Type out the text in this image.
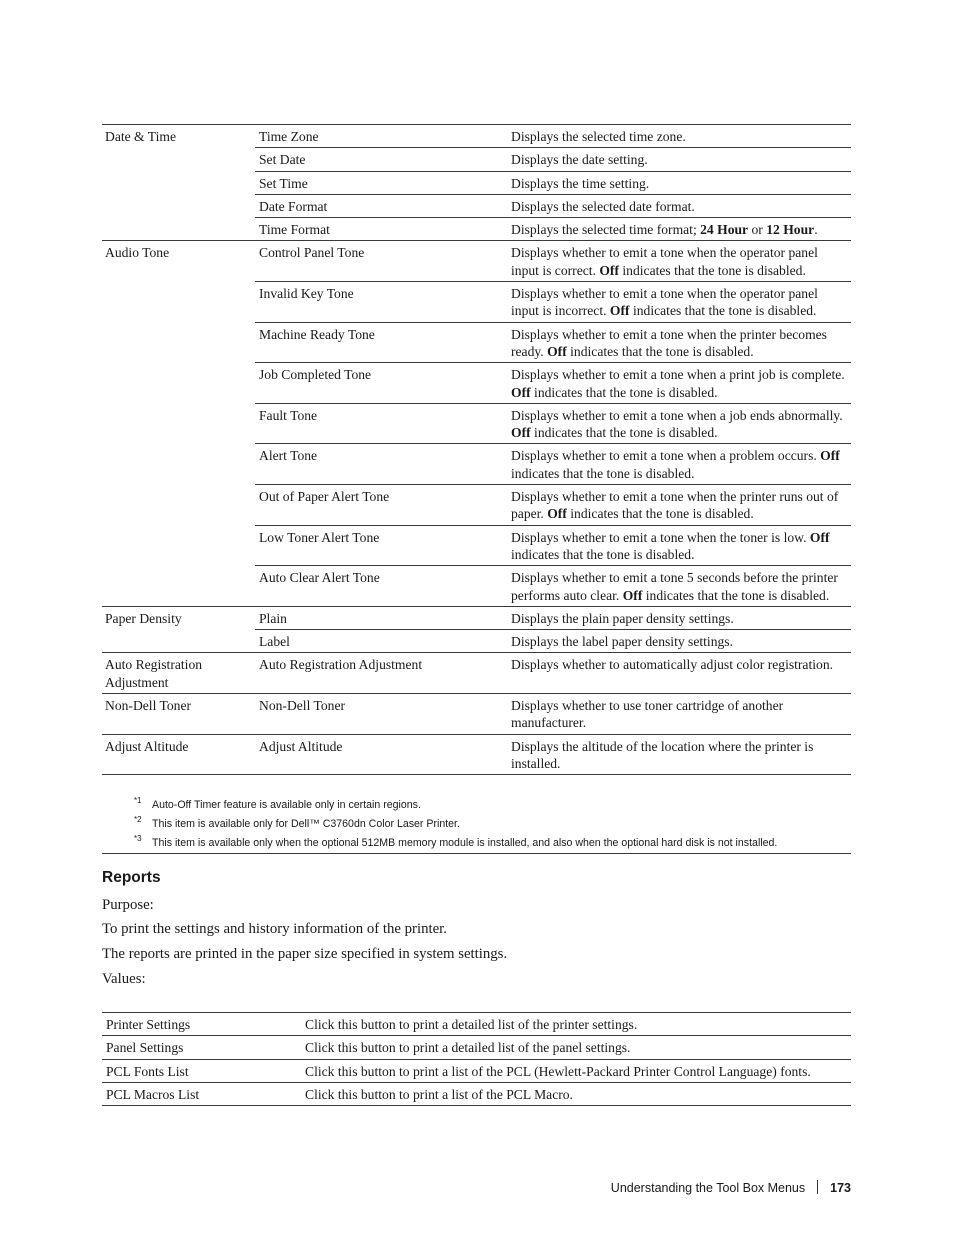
Date & Time	Time Zone	Displays the selected time zone.
	Set Date	Displays the date setting.
	Set Time	Displays the time setting.
	Date Format	Displays the selected date format.
	Time Format	Displays the selected time format; 24 Hour or 12 Hour.
Audio Tone	Control Panel Tone	Displays whether to emit a tone when the operator panel input is correct. Off indicates that the tone is disabled.
	Invalid Key Tone	Displays whether to emit a tone when the operator panel input is incorrect. Off indicates that the tone is disabled.
	Machine Ready Tone	Displays whether to emit a tone when the printer becomes ready. Off indicates that the tone is disabled.
	Job Completed Tone	Displays whether to emit a tone when a print job is complete. Off indicates that the tone is disabled.
	Fault Tone	Displays whether to emit a tone when a job ends abnormally. Off indicates that the tone is disabled.
	Alert Tone	Displays whether to emit a tone when a problem occurs. Off indicates that the tone is disabled.
	Out of Paper Alert Tone	Displays whether to emit a tone when the printer runs out of paper. Off indicates that the tone is disabled.
	Low Toner Alert Tone	Displays whether to emit a tone when the toner is low. Off indicates that the tone is disabled.
	Auto Clear Alert Tone	Displays whether to emit a tone 5 seconds before the printer performs auto clear. Off indicates that the tone is disabled.
Paper Density	Plain	Displays the plain paper density settings.
	Label	Displays the label paper density settings.
Auto Registration Adjustment	Auto Registration Adjustment	Displays whether to automatically adjust color registration.
Non-Dell Toner	Non-Dell Toner	Displays whether to use toner cartridge of another manufacturer.
Adjust Altitude	Adjust Altitude	Displays the altitude of the location where the printer is installed.
*1 Auto-Off Timer feature is available only in certain regions.
*2 This item is available only for Dell™ C3760dn Color Laser Printer.
*3 This item is available only when the optional 512MB memory module is installed, and also when the optional hard disk is not installed.
Reports
Purpose:
To print the settings and history information of the printer.
The reports are printed in the paper size specified in system settings.
Values:
Printer Settings	Click this button to print a detailed list of the printer settings.
Panel Settings	Click this button to print a detailed list of the panel settings.
PCL Fonts List	Click this button to print a list of the PCL (Hewlett-Packard Printer Control Language) fonts.
PCL Macros List	Click this button to print a list of the PCL Macro.
Understanding the Tool Box Menus 173
